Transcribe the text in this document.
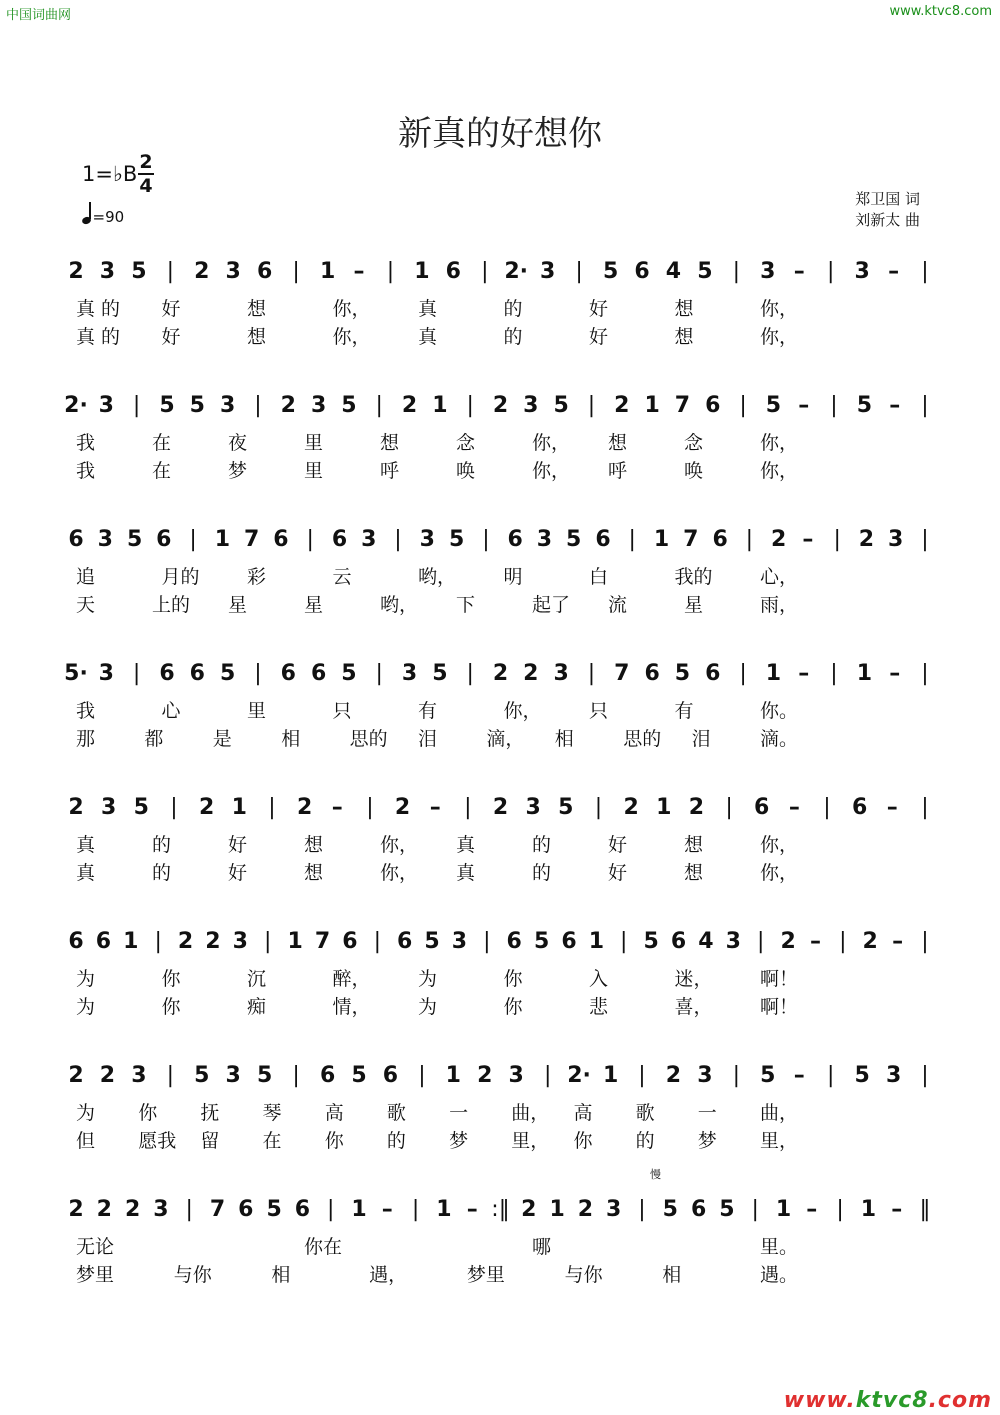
中国词曲网	www.ktvc8.com
新真的好想你
1=♭B 2
4
=90
郑卫国 词
刘新太 曲
2 3 5 | 2 3 6 | 1 – | 1 6 | 2· 3 | 5 6 4 5 | 3 – | 3 – |
真 的 好	想	你， 真	的	好	想	你，
真 的 好	想	你， 真	的	好	想	你，
2· 3 | 5 5 3 | 2 3 5 | 2 1 | 2 3 5 | 2 1 7 6 | 5 – | 5 – |
我	在	夜	里	想	念	你， 想	念	你，
我	在	梦	里	呼	唤	你， 呼	唤	你，
6 3 5 6 | 1 7 6 | 6 3 | 3 5 | 6 3 5 6 | 1 7 6 | 2 – | 2 3 |
追	月的 彩	云	哟， 明	白	我的 心，
天	上的 星	星	哟， 下	起了 流	星	雨，
5· 3 | 6 6 5 | 6 6 5 | 3 5 | 2 2 3 | 7 6 5 6 | 1 – | 1 – |
我	心	里	只	有	你， 只	有	你。
那	都	是	相	思的 泪	滴， 相	思的 泪	滴。
2 3 5 | 2 1 | 2 – | 2 – | 2 3 5 | 2 1 2 | 6 – | 6 – |
真	的	好	想	你， 真	的	好	想	你，
真	的	好	想	你， 真	的	好	想	你，
6 6 1 | 2 2 3 | 1 7 6 | 6 5 3 | 6 5 6 1 | 5 6 4 3 | 2 – | 2 – |
为	你	沉	醉， 为	你	入	迷， 啊！
为	你	痴	情， 为	你	悲	喜， 啊！
2 2 3 | 5 3 5 | 6 5 6 | 1 2 3 | 2· 1 | 2 3 | 5 – | 5 3 |
为 你 抚 琴 高 歌 一 曲， 高 歌 一 曲，
但 愿我 留 在 你 的 梦 里， 你 的 梦 里，
2 2 2 3 | 7 6 5 6 | 1 – | 1 – :‖ 2 1 2 3 | 5 6 5 | 1 – | 1 – ‖
无论	你在	哪	里。
梦里	与你	相	遇，	梦里	与你	相	遇。
www.ktvc8.com
慢
